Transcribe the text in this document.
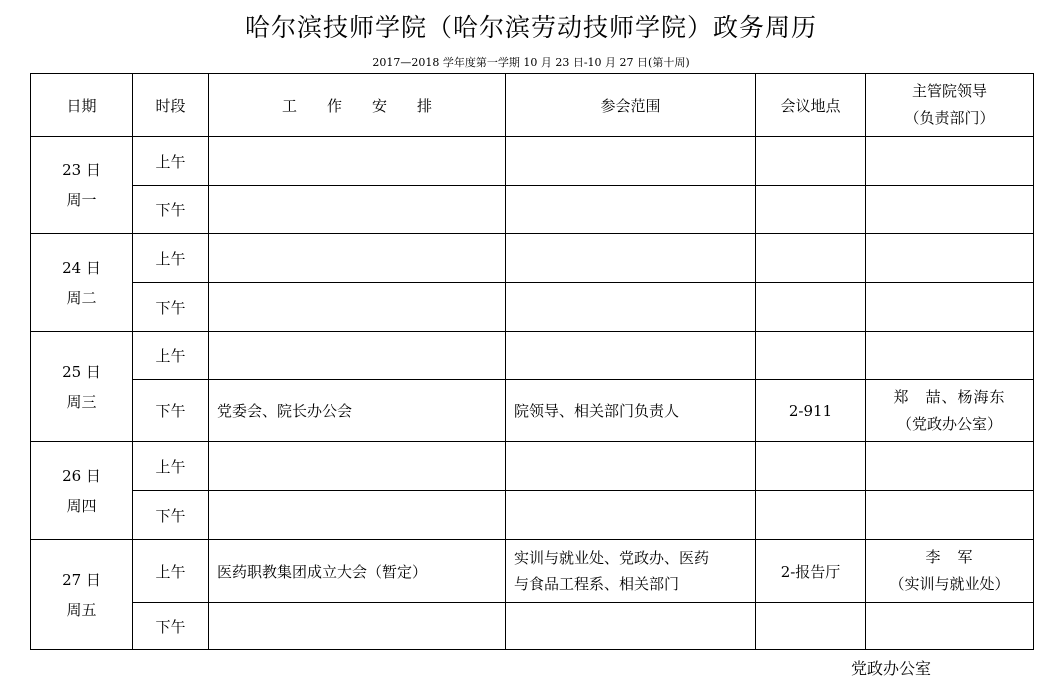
哈尔滨技师学院（哈尔滨劳动技师学院）政务周历
2017—2018 学年度第一学期 10 月 23 日-10 月 27 日(第十周)
日期	时段	工作安排	参会范围	会议地点	主管院领导
（负责部门）

23 日
周一	上午				
	下午				

24 日
周二	上午				
	下午				

25 日
周三	上午				
	下午	党委会、院长办公会	院领导、相关部门负责人	2-911	郑　喆、杨海东
（党政办公室）

26 日
周四	上午				
	下午				

27 日
周五	上午	医药职教集团成立大会（暂定）	实训与就业处、党政办、医药
与食品工程系、相关部门	2-报告厅	李　军
（实训与就业处）

	下午				
党政办公室
